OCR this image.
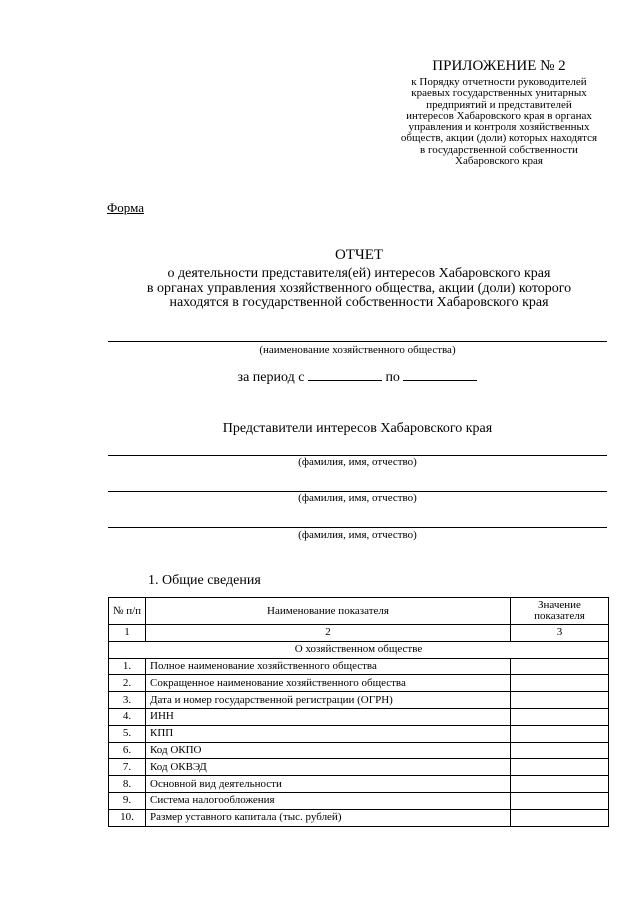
ПРИЛОЖЕНИЕ № 2
к Порядку отчетности руководителей
краевых государственных унитарных
предприятий и представителей
интересов Хабаровского края в органах
управления и контроля хозяйственных
обществ, акции (доли) которых находятся
в государственной собственности
Хабаровского края
Форма
ОТЧЕТ
о деятельности представителя(ей) интересов Хабаровского края
в органах управления хозяйственного общества, акции (доли) которого
находятся в государственной собственности Хабаровского края
(наименование хозяйственного общества)
за период с	по
Представители интересов Хабаровского края
(фамилия, имя, отчество)
(фамилия, имя, отчество)
(фамилия, имя, отчество)
1. Общие сведения
№ п/п	Наименование показателя	Значение показателя
1	2	3
О хозяйственном обществе		
1.	Полное наименование хозяйственного общества	
2.	Сокращенное наименование хозяйственного общества	
3.	Дата и номер государственной регистрации (ОГРН)	
4.	ИНН	
5.	КПП	
6.	Код ОКПО	
7.	Код ОКВЭД	
8.	Основной вид деятельности	
9.	Система налогообложения	
10.	Размер уставного капитала (тыс. рублей)	
